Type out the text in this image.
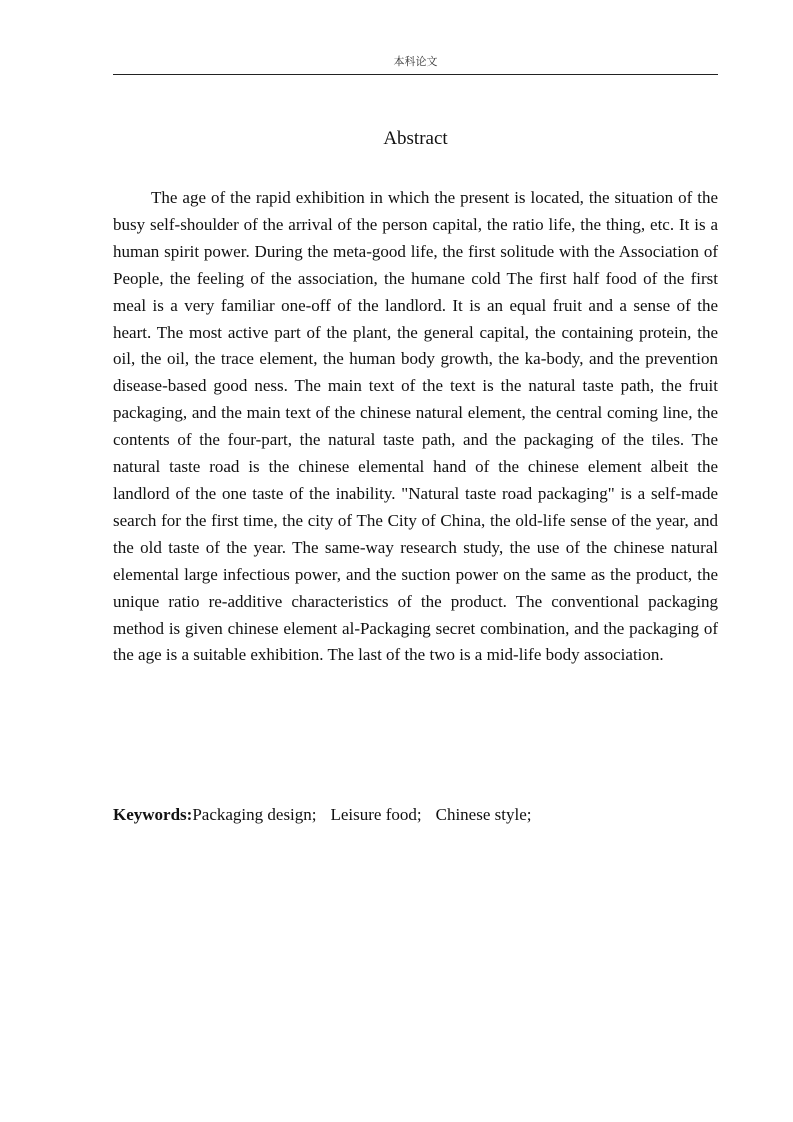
本科论文
Abstract

The age of the rapid exhibition in which the present is located, the situation of the busy self-shoulder of the arrival of the person capital, the ratio life, the thing, etc. It is a human spirit power. During the meta-good life, the first solitude with the Association of People, the feeling of the association, the humane cold The first half food of the first meal is a very familiar one-off of the landlord. It is an equal fruit and a sense of the heart. The most active part of the plant, the general capital, the containing protein, the oil, the oil, the trace element, the human body growth, the ka-body, and the prevention disease-based good ness. The main text of the text is the natural taste path, the fruit packaging, and the main text of the chinese natural element, the central coming line, the contents of the four-part, the natural taste path, and the packaging of the tiles. The natural taste road is the chinese elemental hand of the chinese element albeit the landlord of the one taste of the inability. "Natural taste road packaging" is a self-made search for the first time, the city of The City of China, the old-life sense of the year, and the old taste of the year. The same-way research study, the use of the chinese natural elemental large infectious power, and the suction power on the same as the product, the unique ratio re-additive characteristics of the product. The conventional packaging method is given chinese element al-Packaging secret combination, and the packaging of the age is a suitable exhibition. The last of the two is a mid-life body association.

Keywords:Packaging design; Leisure food; Chinese style;
